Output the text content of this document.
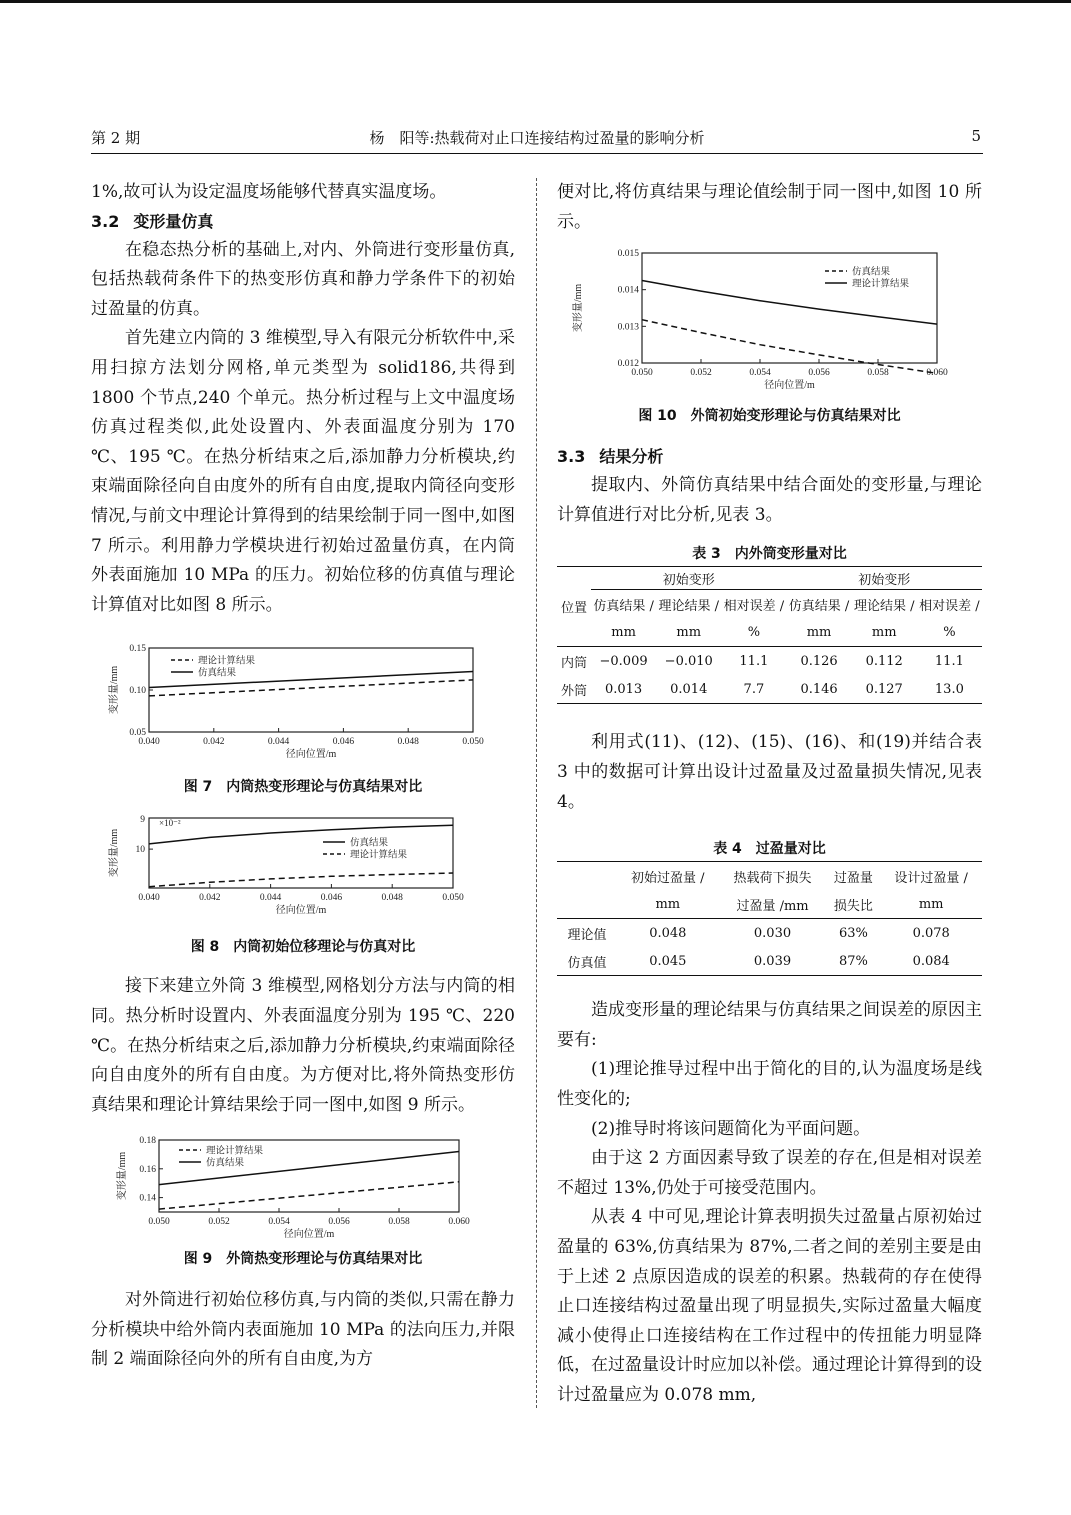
第 2 期	杨　阳等:热载荷对止口连接结构过盈量的影响分析	5

1%,故可认为设定温度场能够代替真实温度场。

3.2 变形量仿真

在稳态热分析的基础上,对内、外筒进行变形量仿真,包括热载荷条件下的热变形仿真和静力学条件下的初始过盈量的仿真。

首先建立内筒的 3 维模型,导入有限元分析软件中,采用扫掠方法划分网格,单元类型为 solid186,共得到 1800 个节点,240 个单元。热分析过程与上文中温度场仿真过程类似,此处设置内、外表面温度分别为 170 ℃、195 ℃。在热分析结束之后,添加静力分析模块,约束端面除径向自由度外的所有自由度,提取内筒径向变形情况,与前文中理论计算得到的结果绘制于同一图中,如图 7 所示。利用静力学模块进行初始过盈量仿真，在内筒外表面施加 10 MPa 的压力。初始位移的仿真值与理论计算值对比如图 8 所示。

0.040	0.042	0.044	0.046	0.048	0.050
0.15
0.10
0.05
径向位置/m
变形量/mm
理论计算结果
仿真结果
图 7　内筒热变形理论与仿真结果对比
0.040	0.042	0.044	0.046	0.048	0.050
10
9 ×10⁻²
径向位置/m
变形量/mm	仿真结果
理论计算结果
图 8　内筒初始位移理论与仿真对比

接下来建立外筒 3 维模型,网格划分方法与内筒的相同。热分析时设置内、外表面温度分别为 195 ℃、220 ℃。在热分析结束之后,添加静力分析模块,约束端面除径向自由度外的所有自由度。为方便对比,将外筒热变形仿真结果和理论计算结果绘于同一图中,如图 9 所示。

0.050	0.052	0.054	0.056	0.058	0.060
0.18
0.16
0.14
径向位置/m
变形量/mm
理论计算结果
仿真结果
图 9　外筒热变形理论与仿真结果对比

对外筒进行初始位移仿真,与内筒的类似,只需在静力分析模块中给外筒内表面施加 10 MPa 的法向压力,并限制 2 端面除径向外的所有自由度,为方

便对比,将仿真结果与理论值绘制于同一图中,如图 10 所示。

0.050	0.052	0.054	0.056	0.058	0.060
0.015
0.014
0.013
0.012
径向位置/m
变形量/mm
仿真结果
理论计算结果
图 10　外筒初始变形理论与仿真结果对比
3.3 结果分析

提取内、外筒仿真结果中结合面处的变形量,与理论计算值进行对比分析,见表 3。

表 3　内外筒变形量对比
位置	初始变形			初始变形		
	仿真结果 /	理论结果 /	相对误差 /	仿真结果 /	理论结果 /	相对误差 /
	mm	mm	%	mm	mm	%
内筒	−0.009	−0.010	11.1	0.126	0.112	11.1
外筒	0.013	0.014	7.7	0.146	0.127	13.0

利用式(11)、(12)、(15)、(16)、和(19)并结合表 3 中的数据可计算出设计过盈量及过盈量损失情况,见表 4。

表 4　过盈量对比
	初始过盈量 /	热载荷下损失	过盈量	设计过盈量 /
	mm	过盈量 /mm	损失比	mm
理论值	0.048	0.030	63%	0.078
仿真值	0.045	0.039	87%	0.084

造成变形量的理论结果与仿真结果之间误差的原因主要有:

(1)理论推导过程中出于简化的目的,认为温度场是线性变化的;

(2)推导时将该问题简化为平面问题。

由于这 2 方面因素导致了误差的存在,但是相对误差不超过 13%,仍处于可接受范围内。

从表 4 中可见,理论计算表明损失过盈量占原初始过盈量的 63%,仿真结果为 87%,二者之间的差别主要是由于上述 2 点原因造成的误差的积累。热载荷的存在使得止口连接结构过盈量出现了明显损失,实际过盈量大幅度减小使得止口连接结构在工作过程中的传扭能力明显降低，在过盈量设计时应加以补偿。通过理论计算得到的设计过盈量应为 0.078 mm,
